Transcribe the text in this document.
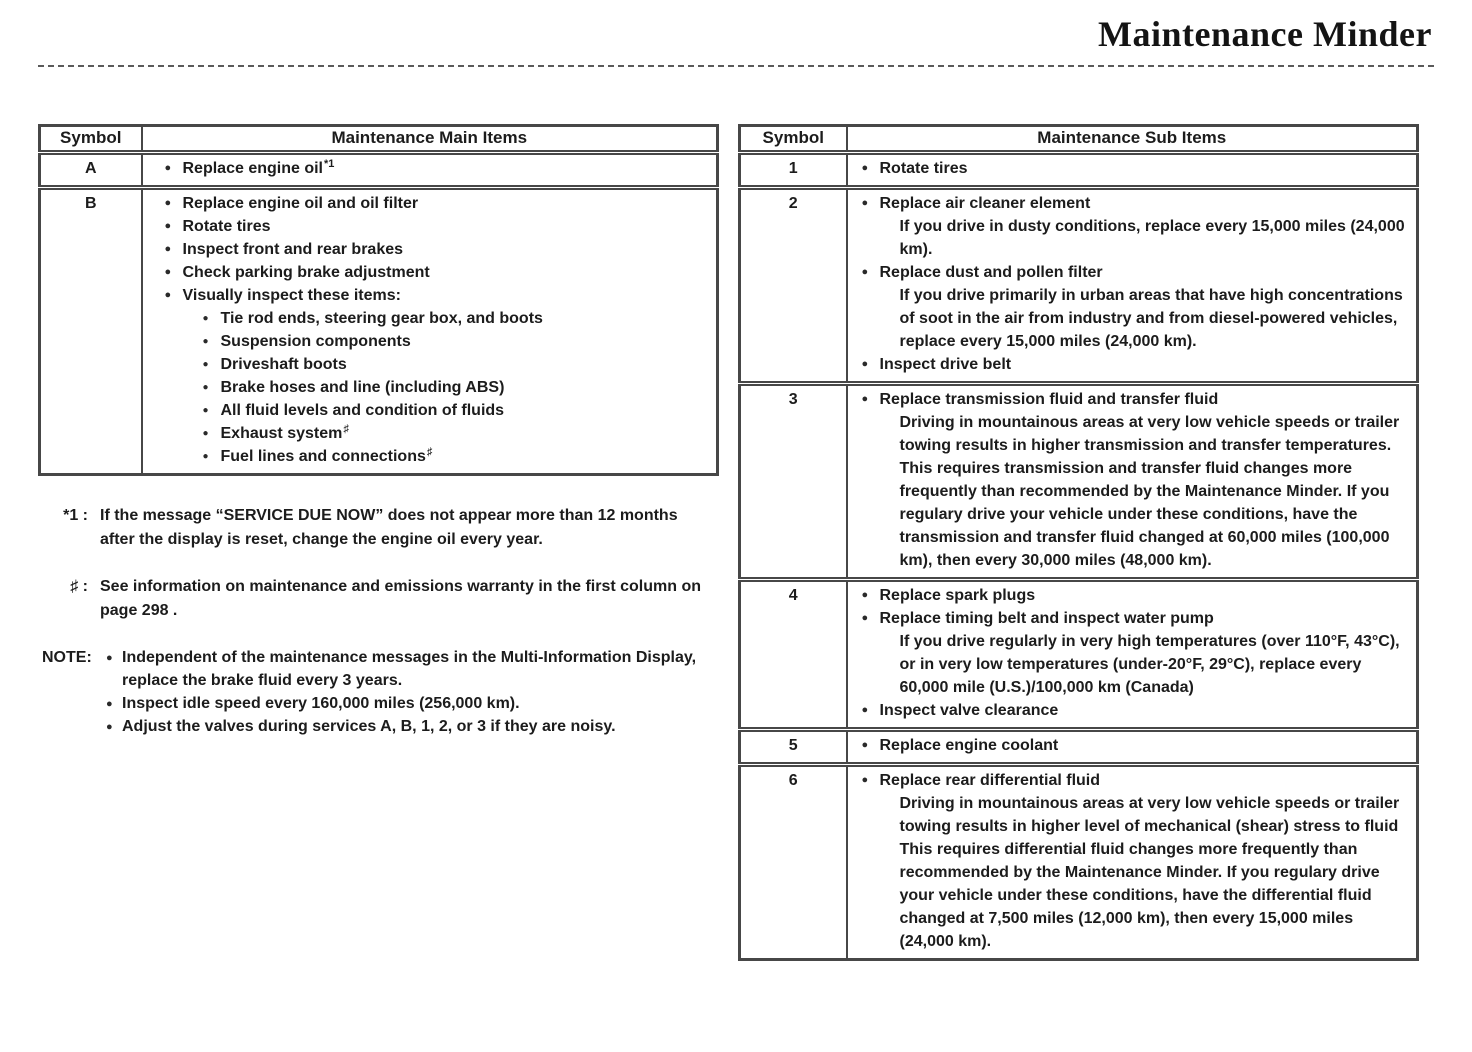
Maintenance Minder
Symbol	Maintenance Main Items
A	● Replace engine oil$^{*1}$

B	● Replace engine oil and oil filter
● Rotate tires
● Inspect front and rear brakes
● Check parking brake adjustment
● Visually inspect these items:
● Tie rod ends, steering gear box, and boots
● Suspension components
● Driveshaft boots
● Brake hoses and line (including ABS)
● All fluid levels and condition of fluids
● Exhaust system♯
● Fuel lines and connections♯
*1 : If the message “SERVICE DUE NOW” does not appear more than 12 months after the display is reset, change the engine oil every year.
♯ : See information on maintenance and emissions warranty in the first column on page 298 .
NOTE:	● Independent of the maintenance messages in the Multi-Information Display, replace the brake fluid every 3 years.
● Inspect idle speed every 160,000 miles (256,000 km).
● Adjust the valves during services A, B, 1, 2, or 3 if they are noisy.
Symbol	Maintenance Sub Items
1	● Rotate tires

2	● Replace air cleaner element
If you drive in dusty conditions, replace every 15,000 miles (24,000 km).
● Replace dust and pollen filter
If you drive primarily in urban areas that have high concentrations of soot in the air from industry and from diesel-powered vehicles, replace every 15,000 miles (24,000 km).
● Inspect drive belt

3	● Replace transmission fluid and transfer fluid
Driving in mountainous areas at very low vehicle speeds or trailer towing results in higher transmission and transfer temperatures.
This requires transmission and transfer fluid changes more frequently than recommended by the Maintenance Minder. If you regulary drive your vehicle under these conditions, have the transmission and transfer fluid changed at 60,000 miles (100,000 km), then every 30,000 miles (48,000 km).

4	● Replace spark plugs
● Replace timing belt and inspect water pump
If you drive regularly in very high temperatures (over 110°F, 43°C), or in very low temperatures (under-20°F, 29°C), replace every 60,000 mile (U.S.)/100,000 km (Canada)
● Inspect valve clearance

5	● Replace engine coolant

6	● Replace rear differential fluid
Driving in mountainous areas at very low vehicle speeds or trailer towing results in higher level of mechanical (shear) stress to fluid This requires differential fluid changes more frequently than recommended by the Maintenance Minder. If you regulary drive your vehicle under these conditions, have the differential fluid changed at 7,500 miles (12,000 km), then every 15,000 miles (24,000 km).
